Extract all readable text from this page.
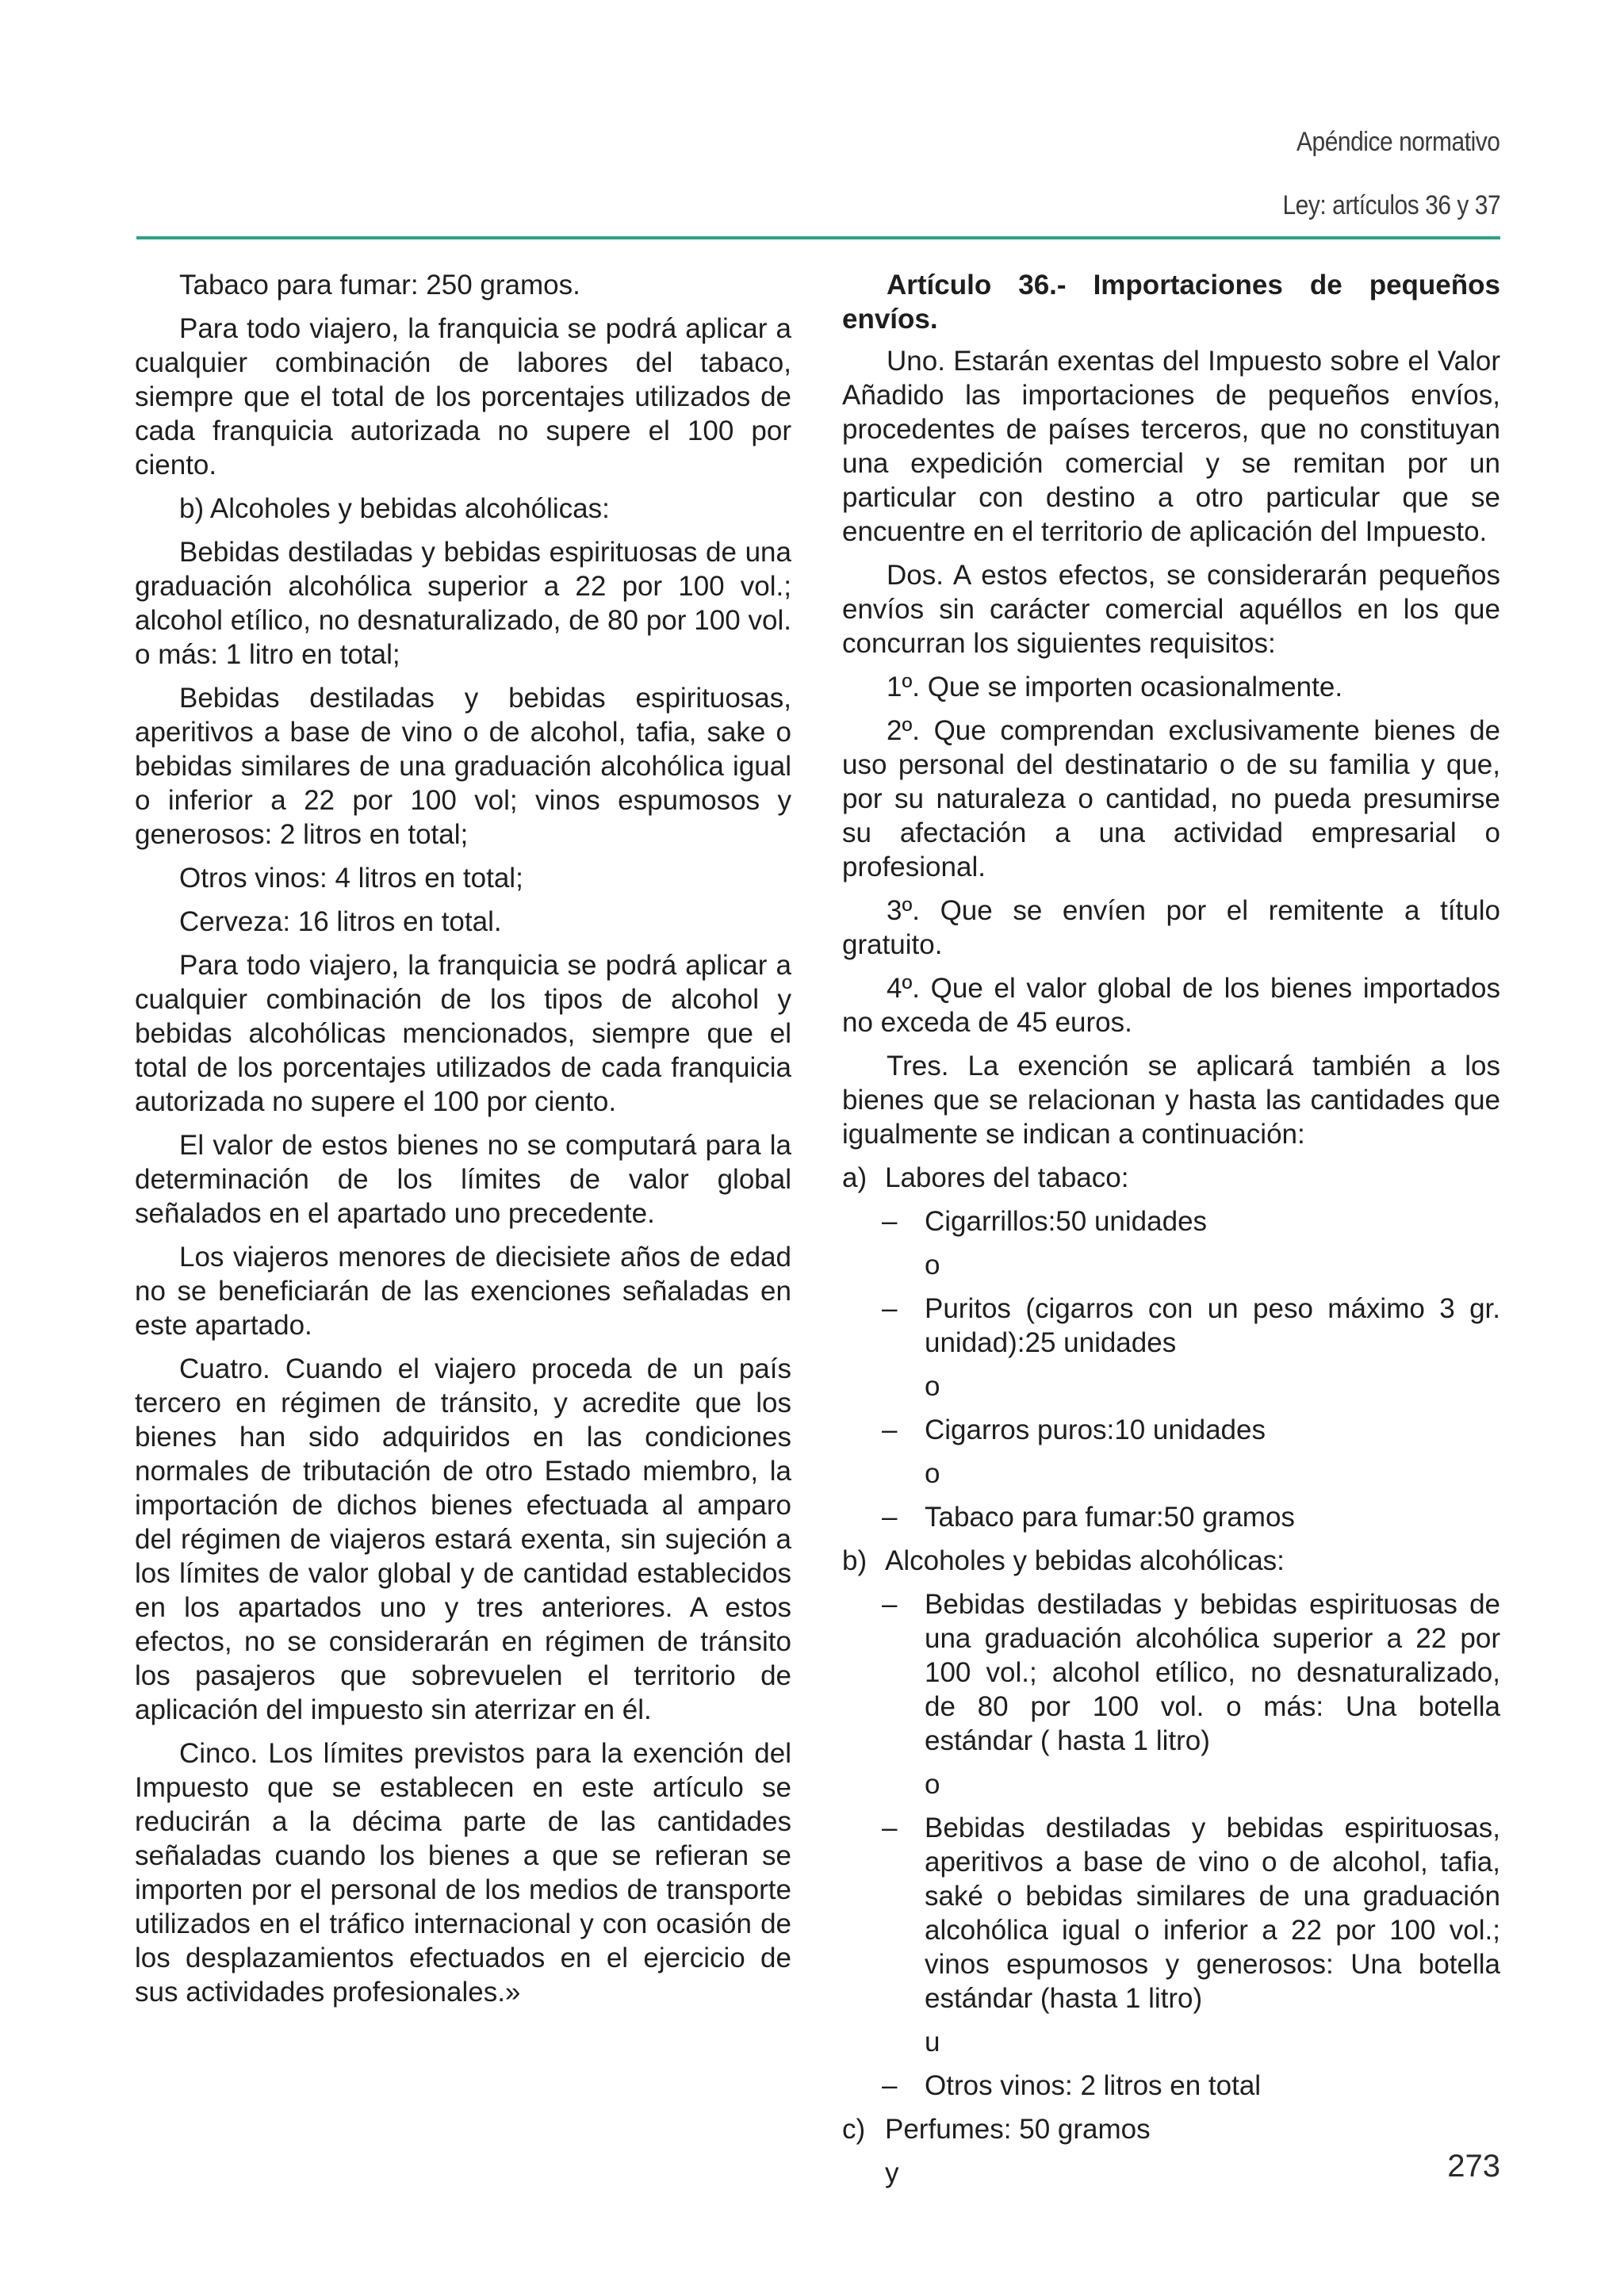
Apéndice normativo
Ley: artículos 36 y 37

Tabaco para fumar: 250 gramos.

Para todo viajero, la franquicia se podrá aplicar a cualquier combinación de labores del tabaco, siempre que el total de los porcentajes utilizados de cada franquicia autorizada no supere el 100 por ciento.

b) Alcoholes y bebidas alcohólicas:

Bebidas destiladas y bebidas espirituosas de una graduación alcohólica superior a 22 por 100 vol.; alcohol etílico, no desnaturalizado, de 80 por 100 vol. o más: 1 litro en total;

Bebidas destiladas y bebidas espirituosas, aperitivos a base de vino o de alcohol, tafia, sake o bebidas similares de una graduación alcohólica igual o inferior a 22 por 100 vol; vinos espumosos y generosos: 2 litros en total;

Otros vinos: 4 litros en total;

Cerveza: 16 litros en total.

Para todo viajero, la franquicia se podrá aplicar a cualquier combinación de los tipos de alcohol y bebidas alcohólicas mencionados, siempre que el total de los porcentajes utilizados de cada franquicia autorizada no supere el 100 por ciento.

El valor de estos bienes no se computará para la determinación de los límites de valor global señalados en el apartado uno precedente.

Los viajeros menores de diecisiete años de edad no se beneficiarán de las exenciones señaladas en este apartado.

Cuatro. Cuando el viajero proceda de un país tercero en régimen de tránsito, y acredite que los bienes han sido adquiridos en las condiciones normales de tributación de otro Estado miembro, la importación de dichos bienes efectuada al amparo del régimen de viajeros estará exenta, sin sujeción a los límites de valor global y de cantidad establecidos en los apartados uno y tres anteriores. A estos efectos, no se considerarán en régimen de tránsito los pasajeros que sobrevuelen el territorio de aplicación del impuesto sin aterrizar en él.

Cinco. Los límites previstos para la exención del Impuesto que se establecen en este artículo se reducirán a la décima parte de las cantidades señaladas cuando los bienes a que se refieran se importen por el personal de los medios de transporte utilizados en el tráfico internacional y con ocasión de los desplazamientos efectuados en el ejercicio de sus actividades profesionales.»

Artículo 36.- Importaciones de pequeños envíos.

Uno. Estarán exentas del Impuesto sobre el Valor Añadido las importaciones de pequeños envíos, procedentes de países terceros, que no constituyan una expedición comercial y se remitan por un particular con destino a otro particular que se encuentre en el territorio de aplicación del Impuesto.

Dos. A estos efectos, se considerarán pequeños envíos sin carácter comercial aquéllos en los que concurran los siguientes requisitos:

1º. Que se importen ocasionalmente.

2º. Que comprendan exclusivamente bienes de uso personal del destinatario o de su familia y que, por su naturaleza o cantidad, no pueda presumirse su afectación a una actividad empresarial o profesional.

3º. Que se envíen por el remitente a título gratuito.

4º. Que el valor global de los bienes importados no exceda de 45 euros.

Tres. La exención se aplicará también a los bienes que se relacionan y hasta las cantidades que igualmente se indican a continuación:

a) Labores del tabaco:
– Cigarrillos:50 unidades
o
– Puritos (cigarros con un peso máximo 3 gr. unidad):25 unidades
o
– Cigarros puros:10 unidades
o
– Tabaco para fumar:50 gramos
b) Alcoholes y bebidas alcohólicas:
– Bebidas destiladas y bebidas espirituosas de una graduación alcohólica superior a 22 por 100 vol.; alcohol etílico, no desnaturalizado, de 80 por 100 vol. o más: Una botella estándar ( hasta 1 litro)
o
– Bebidas destiladas y bebidas espirituosas, aperitivos a base de vino o de alcohol, tafia, saké o bebidas similares de una graduación alcohólica igual o inferior a 22 por 100 vol.; vinos espumosos y generosos: Una botella estándar (hasta 1 litro)
u
– Otros vinos: 2 litros en total
c) Perfumes: 50 gramos
y	273
